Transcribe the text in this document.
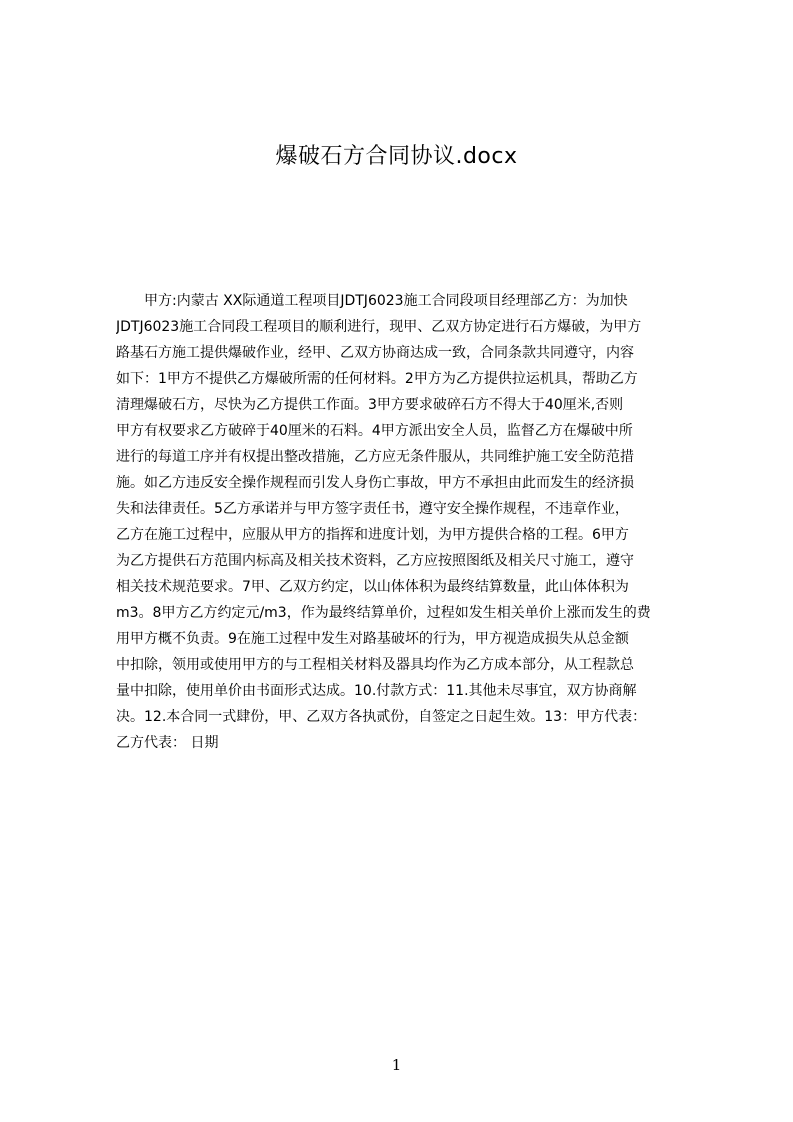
爆破石方合同协议.docx
甲方:内蒙古 XX际通道工程项目JDTJ6023施工合同段项目经理部乙方：为加快
JDTJ6023施工合同段工程项目的顺利进行，现甲、乙双方协定进行石方爆破，为甲方
路基石方施工提供爆破作业，经甲、乙双方协商达成一致，合同条款共同遵守，内容
如下：1甲方不提供乙方爆破所需的任何材料。2甲方为乙方提供拉运机具，帮助乙方
清理爆破石方，尽快为乙方提供工作面。3甲方要求破碎石方不得大于40厘米,否则
甲方有权要求乙方破碎于40厘米的石料。4甲方派出安全人员，监督乙方在爆破中所
进行的每道工序并有权提出整改措施，乙方应无条件服从，共同维护施工安全防范措
施。如乙方违反安全操作规程而引发人身伤亡事故，甲方不承担由此而发生的经济损
失和法律责任。5乙方承诺并与甲方签字责任书，遵守安全操作规程，不违章作业，
乙方在施工过程中，应服从甲方的指挥和进度计划，为甲方提供合格的工程。6甲方
为乙方提供石方范围内标高及相关技术资料，乙方应按照图纸及相关尺寸施工，遵守
相关技术规范要求。7甲、乙双方约定，以山体体积为最终结算数量，此山体体积为
m3。8甲方乙方约定元/m3，作为最终结算单价，过程如发生相关单价上涨而发生的费
用甲方概不负责。9在施工过程中发生对路基破坏的行为，甲方视造成损失从总金额
中扣除，领用或使用甲方的与工程相关材料及器具均作为乙方成本部分，从工程款总
量中扣除，使用单价由书面形式达成。10.付款方式：11.其他未尽事宜，双方协商解
决。12.本合同一式肆份，甲、乙双方各执贰份，自签定之日起生效。13：甲方代表：
乙方代表： 日期
1
